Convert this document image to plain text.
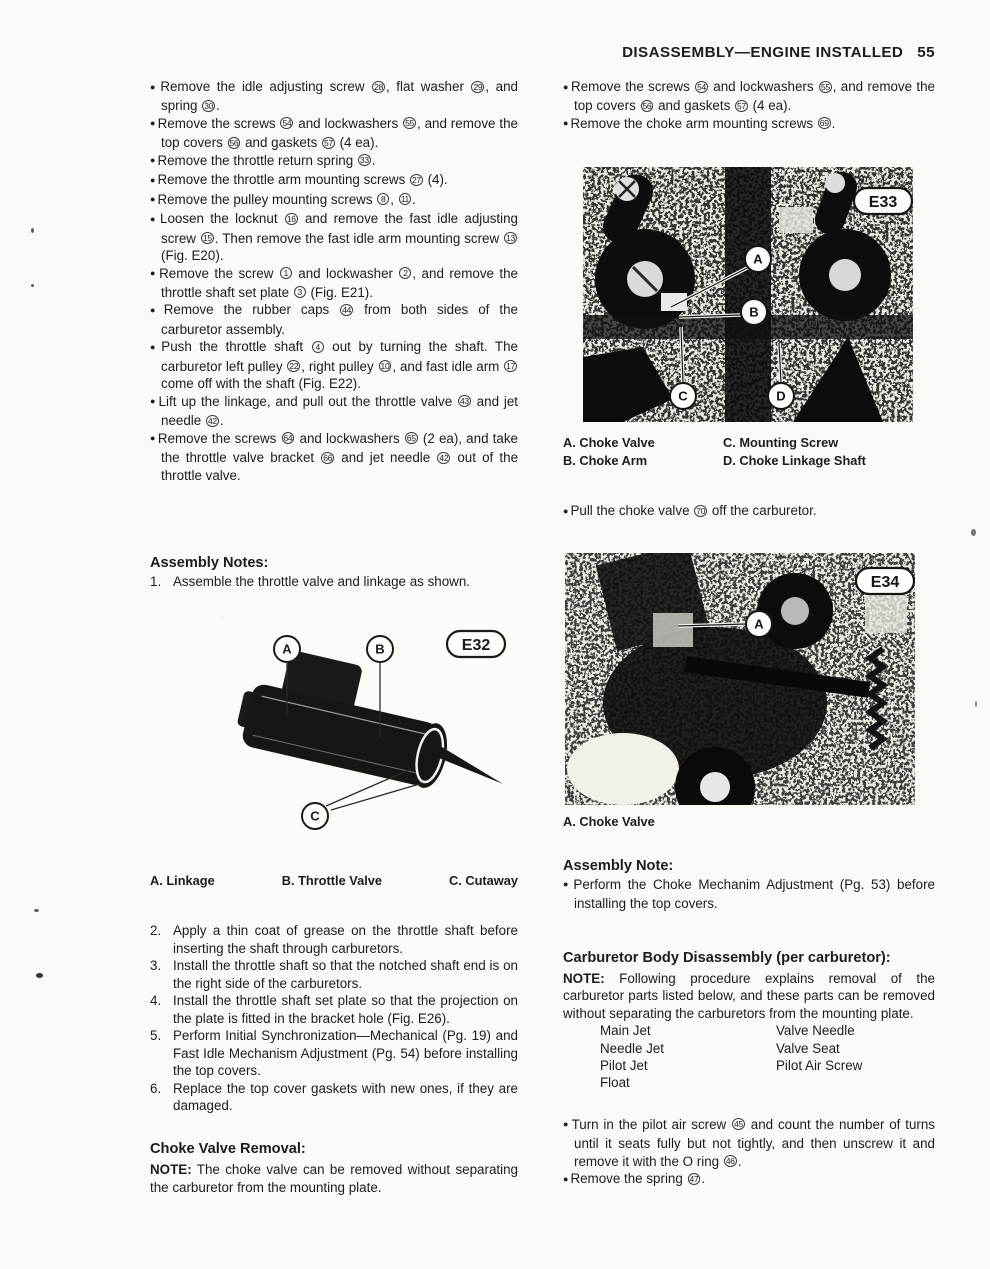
DISASSEMBLY—ENGINE INSTALLED 55
● Remove the idle adjusting screw 28 , flat washer 29 , and spring 30 .
● Remove the screws 54 and lockwashers 55 , and remove the top covers 56 and gaskets 57 (4 ea).
● Remove the throttle return spring 33 .
● Remove the throttle arm mounting screws 27 (4).
● Remove the pulley mounting screws 8 , 11 .
● Loosen the locknut 16 and remove the fast idle adjusting screw 15 . Then remove the fast idle arm mounting screw 13 (Fig. E20).
● Remove the screw 1 and lockwasher 2 , and remove the throttle shaft set plate 3 (Fig. E21).
● Remove the rubber caps 44 from both sides of the carburetor assembly.
● Push the throttle shaft 4 out by turning the shaft. The carburetor left pulley 22 , right pulley 10 , and fast idle arm 17 come off with the shaft (Fig. E22).
● Lift up the linkage, and pull out the throttle valve 43 and jet needle 42 .
● Remove the screws 64 and lockwashers 65 (2 ea), and take the throttle valve bracket 66 and jet needle 42 out of the throttle valve.
Assembly Notes:
1. Assemble the throttle valve and linkage as shown.
A	B
C
E32
A. Linkage	B. Throttle Valve	C. Cutaway
2. Apply a thin coat of grease on the throttle shaft before inserting the shaft through carburetors.
3. Install the throttle shaft so that the notched shaft end is on the right side of the carburetors.
4. Install the throttle shaft set plate so that the projection on the plate is fitted in the bracket hole (Fig. E26).
5. Perform Initial Synchronization—Mechanical (Pg. 19) and Fast Idle Mechanism Adjustment (Pg. 54) before installing the top covers.
6. Replace the top cover gaskets with new ones, if they are damaged.
Choke Valve Removal:

NOTE: The choke valve can be removed without separating the carburetor from the mounting plate.

● Remove the screws 54 and lockwashers 55 , and remove the top covers 56 and gaskets 57 (4 ea).
● Remove the choke arm mounting screws 69 .
A
B
C	D
E33
A. Choke Valve	C. Mounting Screw
B. Choke Arm	D. Choke Linkage Shaft
● Pull the choke valve 70 off the carburetor.
A
E34
A. Choke Valve
Assembly Note:
● Perform the Choke Mechanim Adjustment (Pg. 53) before installing the top covers.
Carburetor Body Disassembly (per carburetor):

NOTE: Following procedure explains removal of the carburetor parts listed below, and these parts can be removed without separating the carburetors from the mounting plate.

Main Jet	Valve Needle
Needle Jet	Valve Seat
Pilot Jet	Pilot Air Screw
Float
● Turn in the pilot air screw 45 and count the number of turns until it seats fully but not tightly, and then unscrew it and remove it with the O ring 46 .
● Remove the spring 47 .
